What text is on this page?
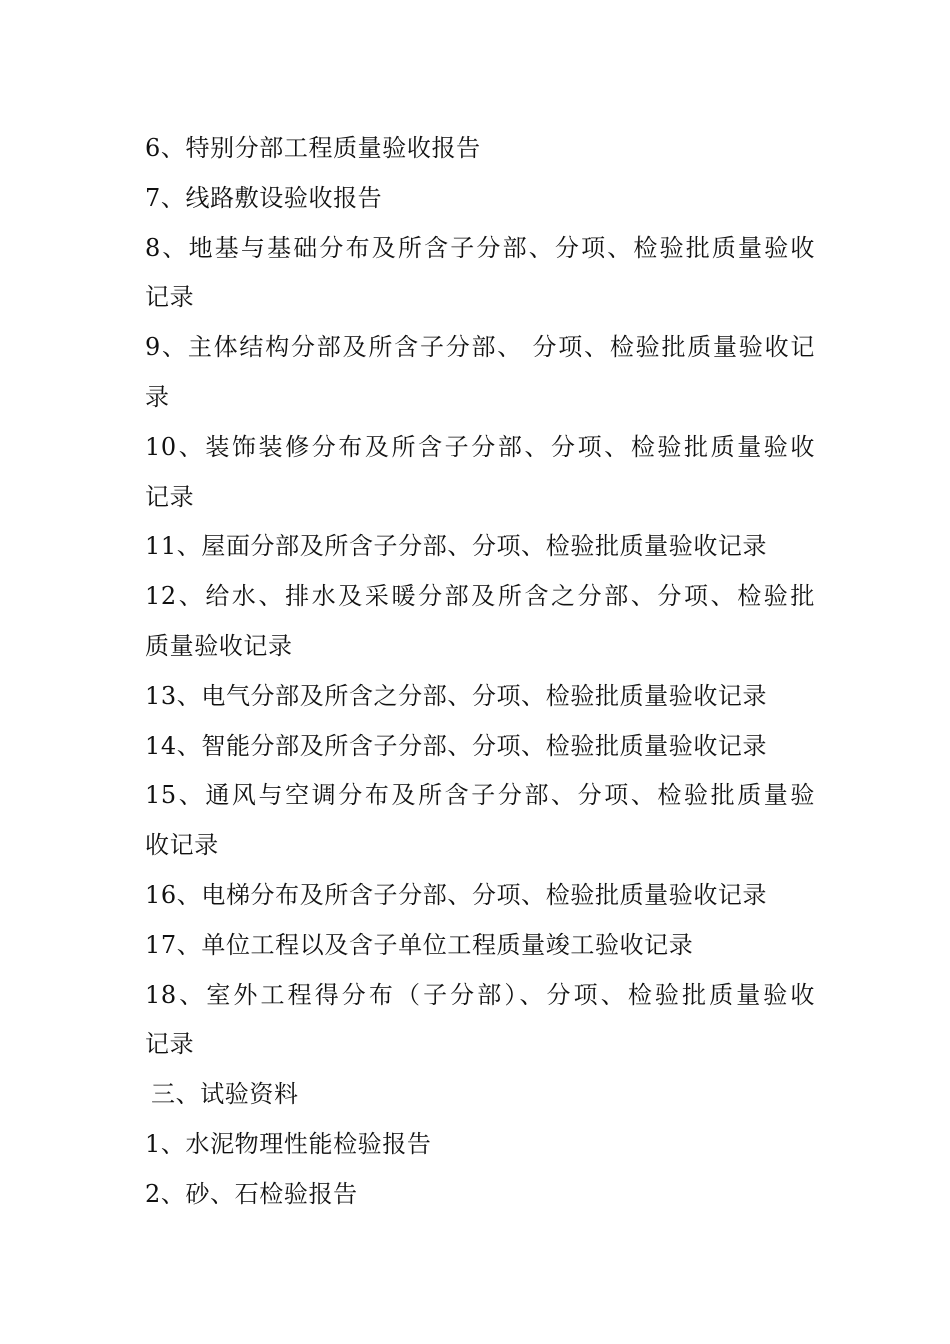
6、特别分部工程质量验收报告
7、线路敷设验收报告
8、地基与基础分布及所含子分部、分项、检验批质量验收
记录
9、主体结构分部及所含子分部、 分项、检验批质量验收记
录
10、装饰装修分布及所含子分部、分项、检验批质量验收
记录
11、屋面分部及所含子分部、分项、检验批质量验收记录
12、给水、排水及采暖分部及所含之分部、分项、检验批
质量验收记录
13、电气分部及所含之分部、分项、检验批质量验收记录
14、智能分部及所含子分部、分项、检验批质量验收记录
15、通风与空调分布及所含子分部、分项、检验批质量验
收记录
16、电梯分布及所含子分部、分项、检验批质量验收记录
17、单位工程以及含子单位工程质量竣工验收记录
18、室外工程得分布（子分部）、分项、检验批质量验收
记录
三、试验资料
1、水泥物理性能检验报告
2、砂、石检验报告
